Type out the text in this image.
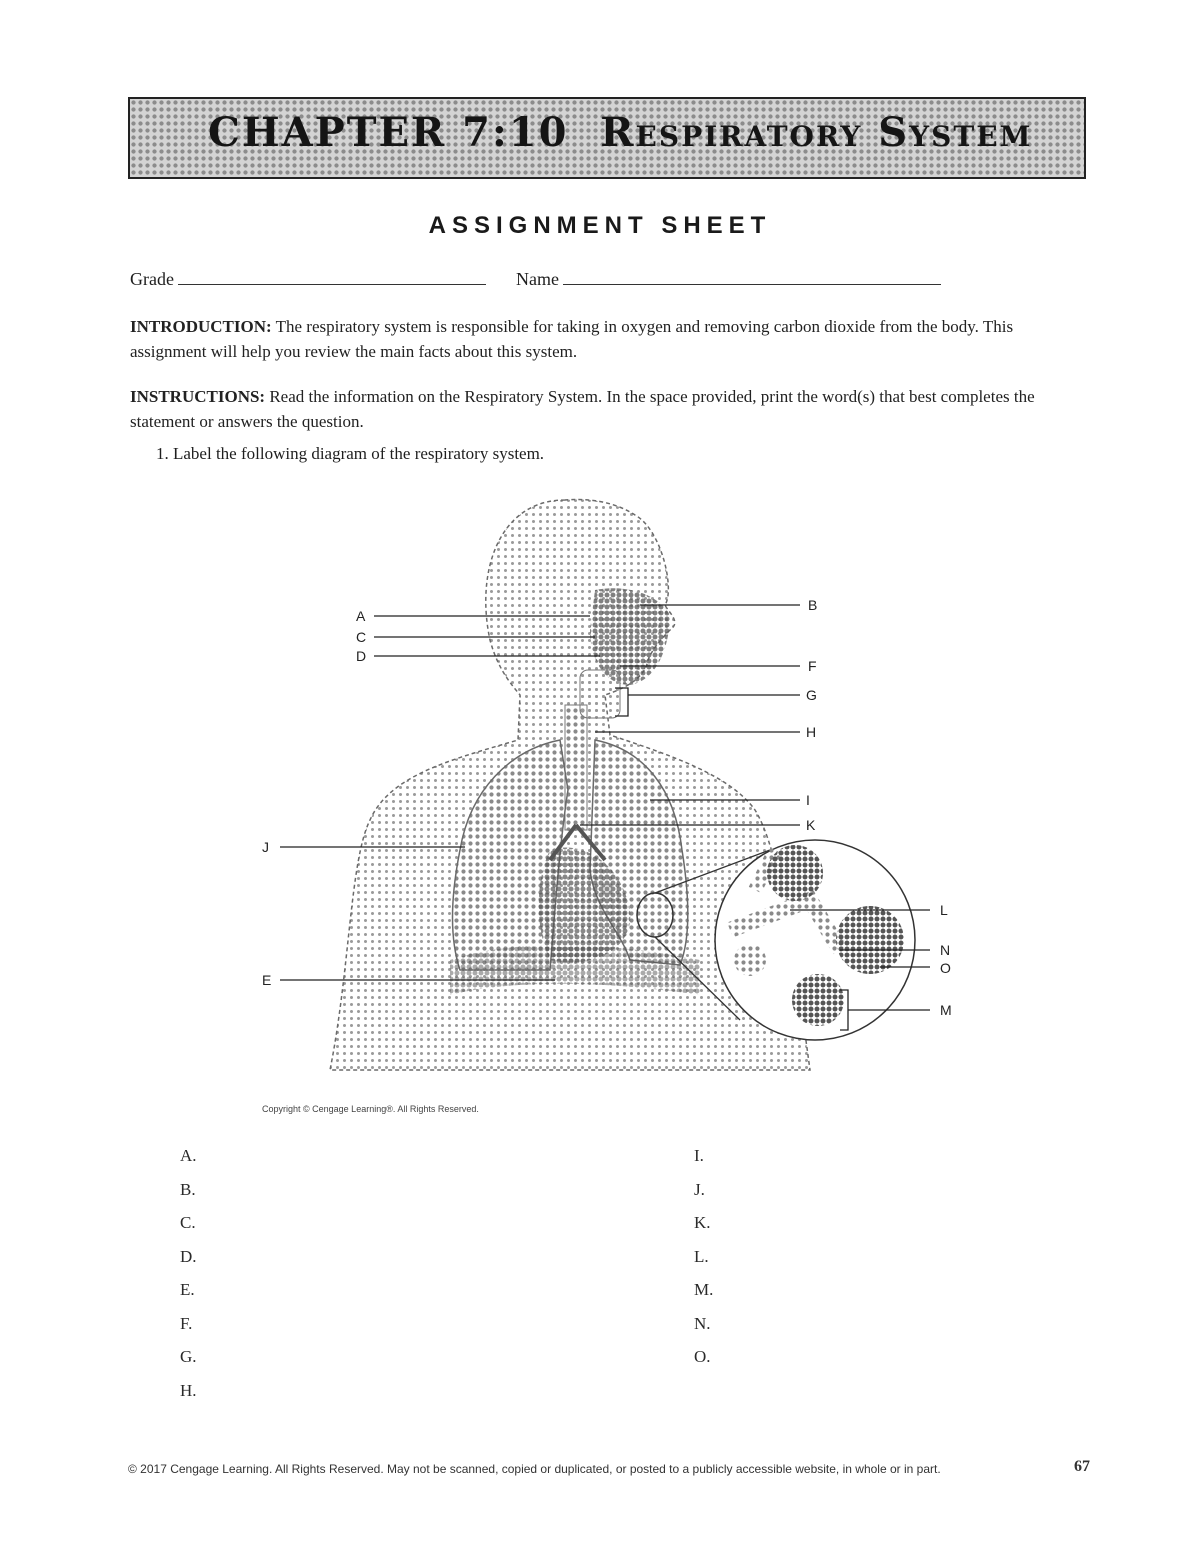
CHAPTER 7:10 Respiratory System
ASSIGNMENT SHEET
Grade	Name
INTRODUCTION: The respiratory system is responsible for taking in oxygen and removing carbon dioxide from the body. This assignment will help you review the main facts about this system.
INSTRUCTIONS: Read the information on the Respiratory System. In the space provided, print the word(s) that best completes the statement or answers the question.
1. Label the following diagram of the respiratory system.
A
B
C
D
E
F
G
H
I
J
K
L
M
N
O
Copyright © Cengage Learning®. All Rights Reserved.
A.
B.
C.
D.
E.
F.
G.
H.
I.
J.
K.
L.
M.
N.
O.
© 2017 Cengage Learning. All Rights Reserved. May not be scanned, copied or duplicated, or posted to a publicly accessible website, in whole or in part.	67
